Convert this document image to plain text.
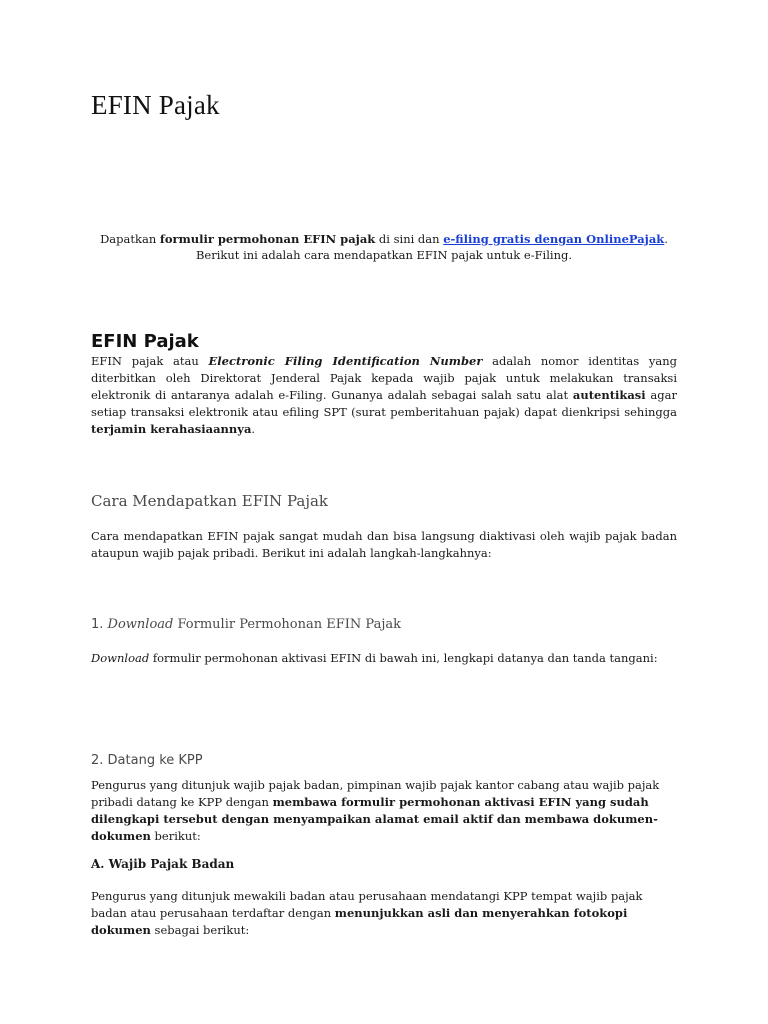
EFIN Pajak

Dapatkan formulir permohonan EFIN pajak di sini dan e-filing gratis dengan OnlinePajak.
Berikut ini adalah cara mendapatkan EFIN pajak untuk e-Filing.

EFIN Pajak

EFIN pajak atau Electronic Filing Identification Number adalah nomor identitas yang diterbitkan oleh Direktorat Jenderal Pajak kepada wajib pajak untuk melakukan transaksi elektronik di antaranya adalah e-Filing. Gunanya adalah sebagai salah satu alat autentikasi agar setiap transaksi elektronik atau efiling SPT (surat pemberitahuan pajak) dapat dienkripsi sehingga terjamin kerahasiaannya.

Cara Mendapatkan EFIN Pajak

Cara mendapatkan EFIN pajak sangat mudah dan bisa langsung diaktivasi oleh wajib pajak badan ataupun wajib pajak pribadi. Berikut ini adalah langkah-langkahnya:

1. Download Formulir Permohonan EFIN Pajak

Download formulir permohonan aktivasi EFIN di bawah ini, lengkapi datanya dan tanda tangani:

2. Datang ke KPP

Pengurus yang ditunjuk wajib pajak badan, pimpinan wajib pajak kantor cabang atau wajib pajak pribadi datang ke KPP dengan membawa formulir permohonan aktivasi EFIN yang sudah dilengkapi tersebut dengan menyampaikan alamat email aktif dan membawa dokumen-dokumen berikut:

A. Wajib Pajak Badan

Pengurus yang ditunjuk mewakili badan atau perusahaan mendatangi KPP tempat wajib pajak badan atau perusahaan terdaftar dengan menunjukkan asli dan menyerahkan fotokopi dokumen sebagai berikut:
